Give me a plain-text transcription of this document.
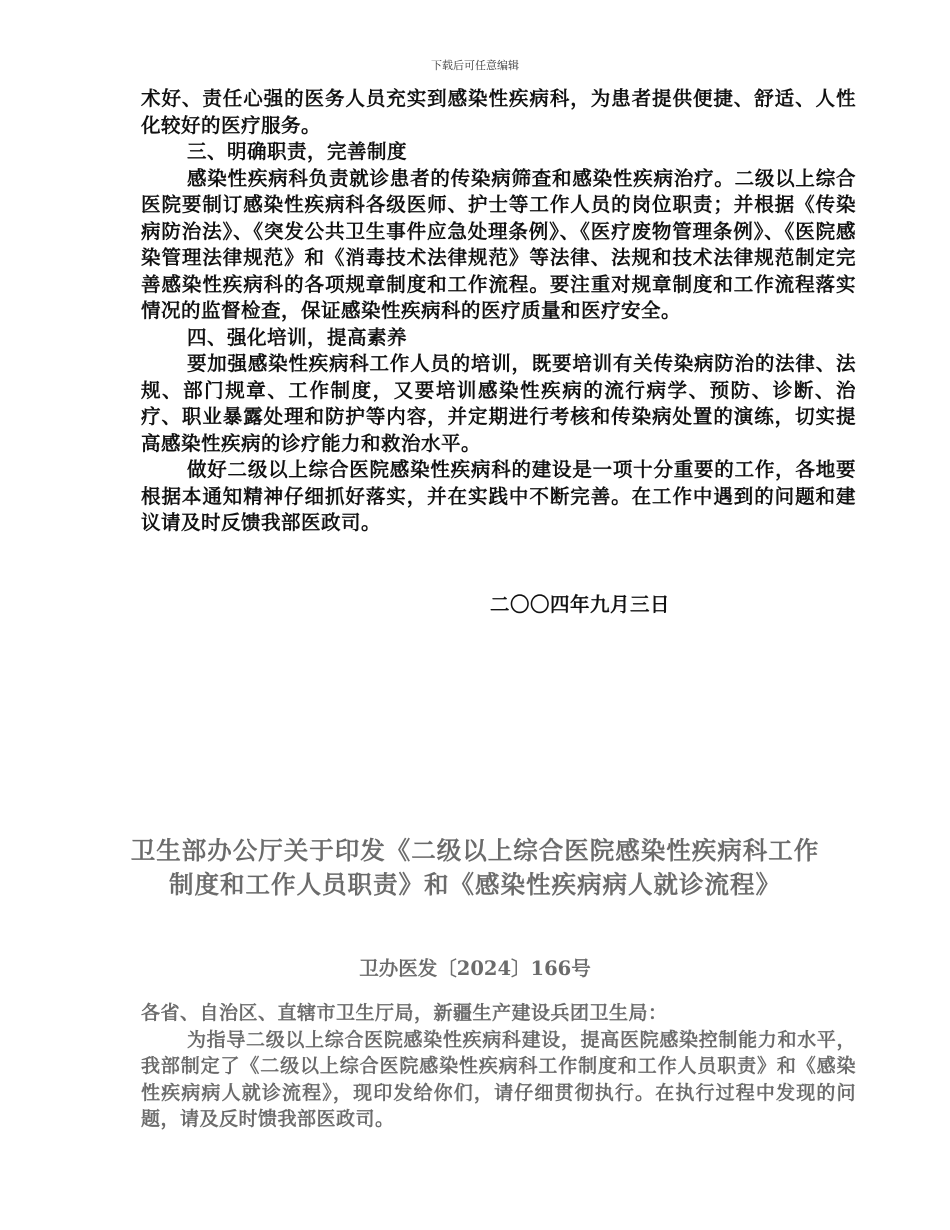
下载后可任意编辑

术好、责任心强的医务人员充实到感染性疾病科，为患者提供便捷、舒适、人性化较好的医疗服务。

三、明确职责，完善制度

感染性疾病科负责就诊患者的传染病筛查和感染性疾病治疗。二级以上综合医院要制订感染性疾病科各级医师、护士等工作人员的岗位职责；并根据《传染病防治法》、《突发公共卫生事件应急处理条例》、《医疗废物管理条例》、《医院感染管理法律规范》和《消毒技术法律规范》等法律、法规和技术法律规范制定完善感染性疾病科的各项规章制度和工作流程。要注重对规章制度和工作流程落实情况的监督检查，保证感染性疾病科的医疗质量和医疗安全。

四、强化培训，提高素养

要加强感染性疾病科工作人员的培训，既要培训有关传染病防治的法律、法规、部门规章、工作制度，又要培训感染性疾病的流行病学、预防、诊断、治疗、职业暴露处理和防护等内容，并定期进行考核和传染病处置的演练，切实提高感染性疾病的诊疗能力和救治水平。

做好二级以上综合医院感染性疾病科的建设是一项十分重要的工作，各地要根据本通知精神仔细抓好落实，并在实践中不断完善。在工作中遇到的问题和建议请及时反馈我部医政司。

二〇〇四年九月三日
卫生部办公厅关于印发《二级以上综合医院感染性疾病科工作制度和工作人员职责》和《感染性疾病病人就诊流程》
卫办医发〔2024〕166号

各省、自治区、直辖市卫生厅局，新疆生产建设兵团卫生局：

为指导二级以上综合医院感染性疾病科建设，提高医院感染控制能力和水平，我部制定了《二级以上综合医院感染性疾病科工作制度和工作人员职责》和《感染性疾病病人就诊流程》，现印发给你们，请仔细贯彻执行。在执行过程中发现的问题，请及反时馈我部医政司。
